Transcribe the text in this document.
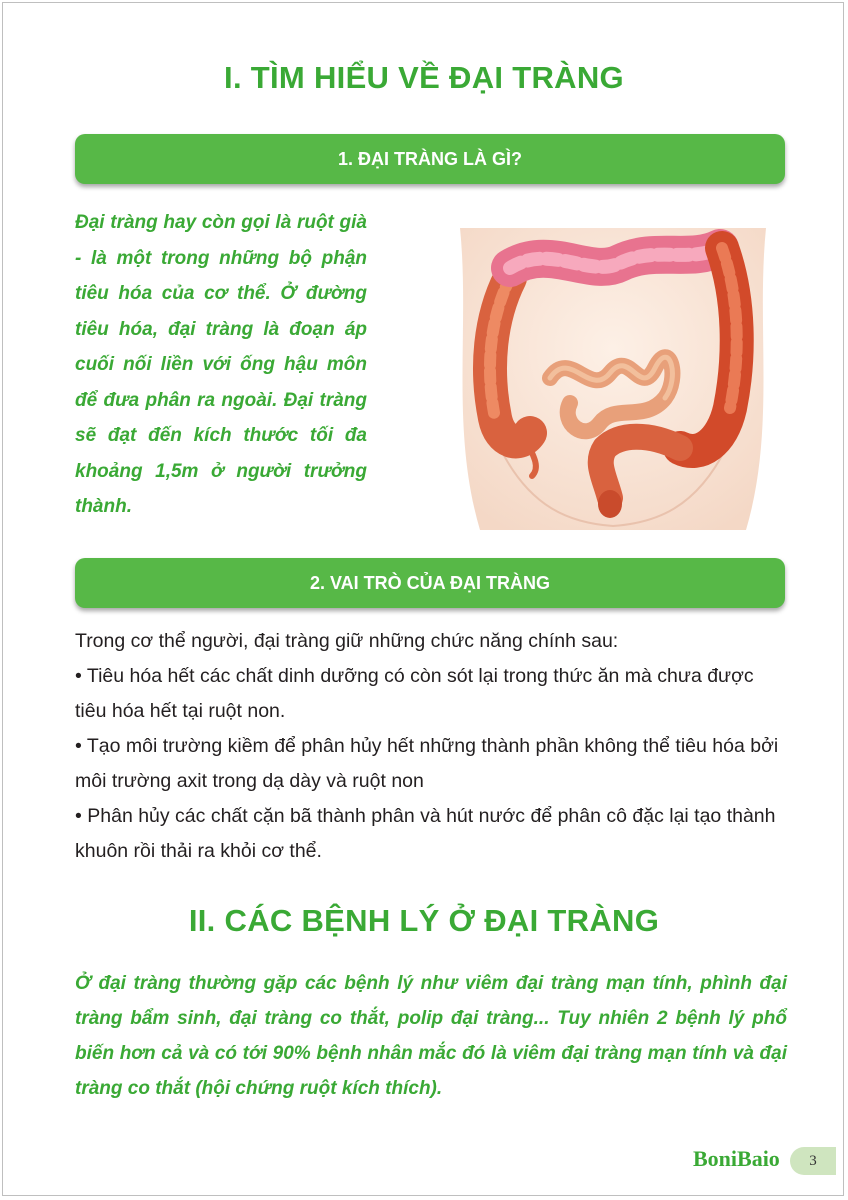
I. TÌM HIỂU VỀ ĐẠI TRÀNG
1. ĐẠI TRÀNG LÀ GÌ?

Đại tràng hay còn gọi là ruột già - là một trong những bộ phận tiêu hóa của cơ thể. Ở đường tiêu hóa, đại tràng là đoạn áp cuối nối liền với ống hậu môn để đưa phân ra ngoài. Đại tràng sẽ đạt đến kích thước tối đa khoảng 1,5m ở người trưởng thành.

2. VAI TRÒ CỦA ĐẠI TRÀNG

Trong cơ thể người, đại tràng giữ những chức năng chính sau:

• Tiêu hóa hết các chất dinh dưỡng có còn sót lại trong thức ăn mà chưa được tiêu hóa hết tại ruột non.

• Tạo môi trường kiềm để phân hủy hết những thành phần không thể tiêu hóa bởi môi trường axit trong dạ dày và ruột non

• Phân hủy các chất cặn bã thành phân và hút nước để phân cô đặc lại tạo thành khuôn rồi thải ra khỏi cơ thể.

II. CÁC BỆNH LÝ Ở ĐẠI TRÀNG

Ở đại tràng thường gặp các bệnh lý như viêm đại tràng mạn tính, phình đại tràng bẩm sinh, đại tràng co thắt, polip đại tràng... Tuy nhiên 2 bệnh lý phổ biến hơn cả và có tới 90% bệnh nhân mắc đó là viêm đại tràng mạn tính và đại tràng co thắt (hội chứng ruột kích thích).

BoniBaio 3
